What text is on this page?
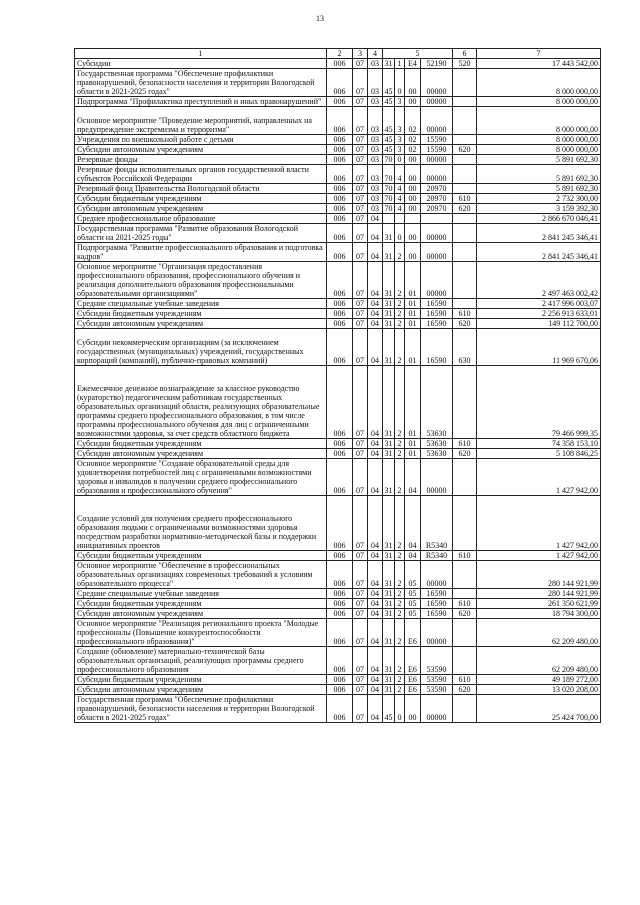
13
1	2	3	4	5				6	7
Субсидии	006	07	03	31	1	E4	52190	520	17 443 542,00
Государственная программа "Обеспечение профилактики правонарушений, безопасности населения и территории Вологодской области в 2021-2025 годах"	006	07	03	45	0	00	00000		8 000 000,00
Подпрограмма "Профилактика преступлений и иных правонарушений"	006	07	03	45	3	00	00000		8 000 000,00
Основное мероприятие "Проведение мероприятий, направленных на предупреждение экстремизма и терроризма"	006	07	03	45	3	02	00000		8 000 000,00
Учреждения по внешкольной работе с детьми	006	07	03	45	3	02	15590		8 000 000,00
Субсидии автономным учреждениям	006	07	03	45	3	02	15590	620	8 000 000,00
Резервные фонды	006	07	03	70	0	00	00000		5 891 692,30
Резервные фонды исполнительных органов государственной власти субъектов Российской Федерации	006	07	03	70	4	00	00000		5 891 692,30
Резервный фонд Правительства Вологодской области	006	07	03	70	4	00	20970		5 891 692,30
Субсидии бюджетным учреждениям	006	07	03	70	4	00	20970	610	2 732 300,00
Субсидии автономным учреждениям	006	07	03	70	4	00	20970	620	3 159 392,30
Среднее профессиональное образование	006	07	04						2 866 670 046,41
Государственная программа "Развитие образования Вологодской области на 2021-2025 годы"	006	07	04	31	0	00	00000		2 841 245 346,41
Подпрограмма "Развитие профессионального образования и подготовка кадров"	006	07	04	31	2	00	00000		2 841 245 346,41
Основное мероприятие "Организация предоставления профессионального образования, профессионального обучения и реализация дополнительного образования профессиональными образовательными организациями"	006	07	04	31	2	01	00000		2 497 463 002,42
Средние специальные учебные заведения	006	07	04	31	2	01	16590		2 417 996 003,07
Субсидии бюджетным учреждениям	006	07	04	31	2	01	16590	610	2 256 913 633,01
Субсидии автономным учреждениям	006	07	04	31	2	01	16590	620	149 112 700,00
Субсидии некоммерческим организациям (за исключением государственных (муниципальных) учреждений, государственных корпораций (компаний), публично-правовых компаний)	006	07	04	31	2	01	16590	630	11 969 670,06
Ежемесячное денежное вознаграждение за классное руководство (кураторство) педагогическим работникам государственных образовательных организаций области, реализующих образовательные программы среднего профессионального образования, в том числе программы профессионального обучения для лиц с ограниченными возможностями здоровья, за счет средств областного бюджета	006	07	04	31	2	01	53630		79 466 999,35
Субсидии бюджетным учреждениям	006	07	04	31	2	01	53630	610	74 358 153,10
Субсидии автономным учреждениям	006	07	04	31	2	01	53630	620	5 108 846,25
Основное мероприятие "Создание образовательной среды для удовлетворения потребностей лиц с ограниченными возможностями здоровья и инвалидов в получении среднего профессионального образования и профессионального обучения"	006	07	04	31	2	04	00000		1 427 942,00
Создание условий для получения среднего профессионального образования людьми с ограниченными возможностями здоровья посредством разработки нормативно-методической базы и поддержки инициативных проектов	006	07	04	31	2	04	R5340		1 427 942,00
Субсидии бюджетным учреждениям	006	07	04	31	2	04	R5340	610	1 427 942,00
Основное мероприятие "Обеспечение в профессиональных образовательных организациях современных требований к условиям образовательного процесса"	006	07	04	31	2	05	00000		280 144 921,99
Средние специальные учебные заведения	006	07	04	31	2	05	16590		280 144 921,99
Субсидии бюджетным учреждениям	006	07	04	31	2	05	16590	610	261 350 621,99
Субсидии автономным учреждениям	006	07	04	31	2	05	16590	620	18 794 300,00
Основное мероприятие "Реализация регионального проекта "Молодые профессионалы (Повышение конкурентоспособности профессионального образования)"	006	07	04	31	2	E6	00000		62 209 480,00
Создание (обновление) материально-технической базы образовательных организаций, реализующих программы среднего профессионального образования	006	07	04	31	2	E6	53590		62 209 480,00
Субсидии бюджетным учреждениям	006	07	04	31	2	E6	53590	610	49 189 272,00
Субсидии автономным учреждениям	006	07	04	31	2	E6	53590	620	13 020 208,00
Государственная программа "Обеспечение профилактики правонарушений, безопасности населения и территории Вологодской области в 2021-2025 годах"	006	07	04	45	0	00	00000		25 424 700,00
